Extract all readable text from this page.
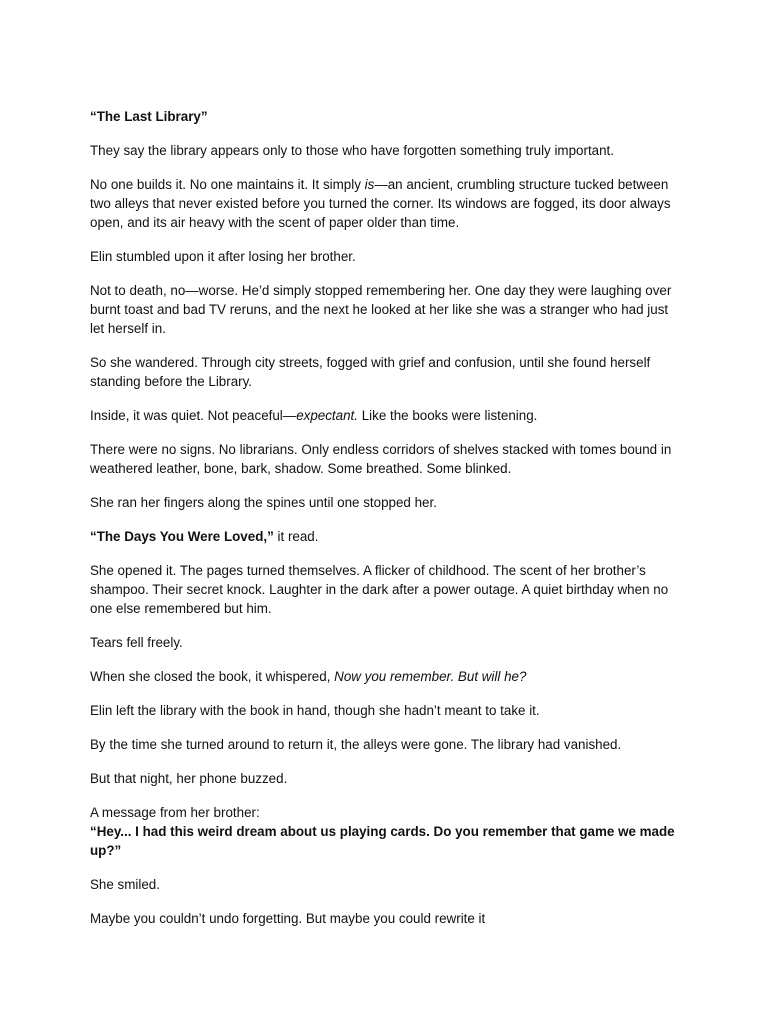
“The Last Library”

They say the library appears only to those who have forgotten something truly important.

No one builds it. No one maintains it. It simply is—an ancient, crumbling structure tucked between two alleys that never existed before you turned the corner. Its windows are fogged, its door always open, and its air heavy with the scent of paper older than time.

Elin stumbled upon it after losing her brother.

Not to death, no—worse. He’d simply stopped remembering her. One day they were laughing over burnt toast and bad TV reruns, and the next he looked at her like she was a stranger who had just let herself in.

So she wandered. Through city streets, fogged with grief and confusion, until she found herself standing before the Library.

Inside, it was quiet. Not peaceful—expectant. Like the books were listening.

There were no signs. No librarians. Only endless corridors of shelves stacked with tomes bound in weathered leather, bone, bark, shadow. Some breathed. Some blinked.

She ran her fingers along the spines until one stopped her.

“The Days You Were Loved,” it read.

She opened it. The pages turned themselves. A flicker of childhood. The scent of her brother’s shampoo. Their secret knock. Laughter in the dark after a power outage. A quiet birthday when no one else remembered but him.

Tears fell freely.

When she closed the book, it whispered, Now you remember. But will he?

Elin left the library with the book in hand, though she hadn’t meant to take it.

By the time she turned around to return it, the alleys were gone. The library had vanished.

But that night, her phone buzzed.

A message from her brother:

“Hey... I had this weird dream about us playing cards. Do you remember that game we made up?”

She smiled.

Maybe you couldn’t undo forgetting. But maybe you could rewrite it
